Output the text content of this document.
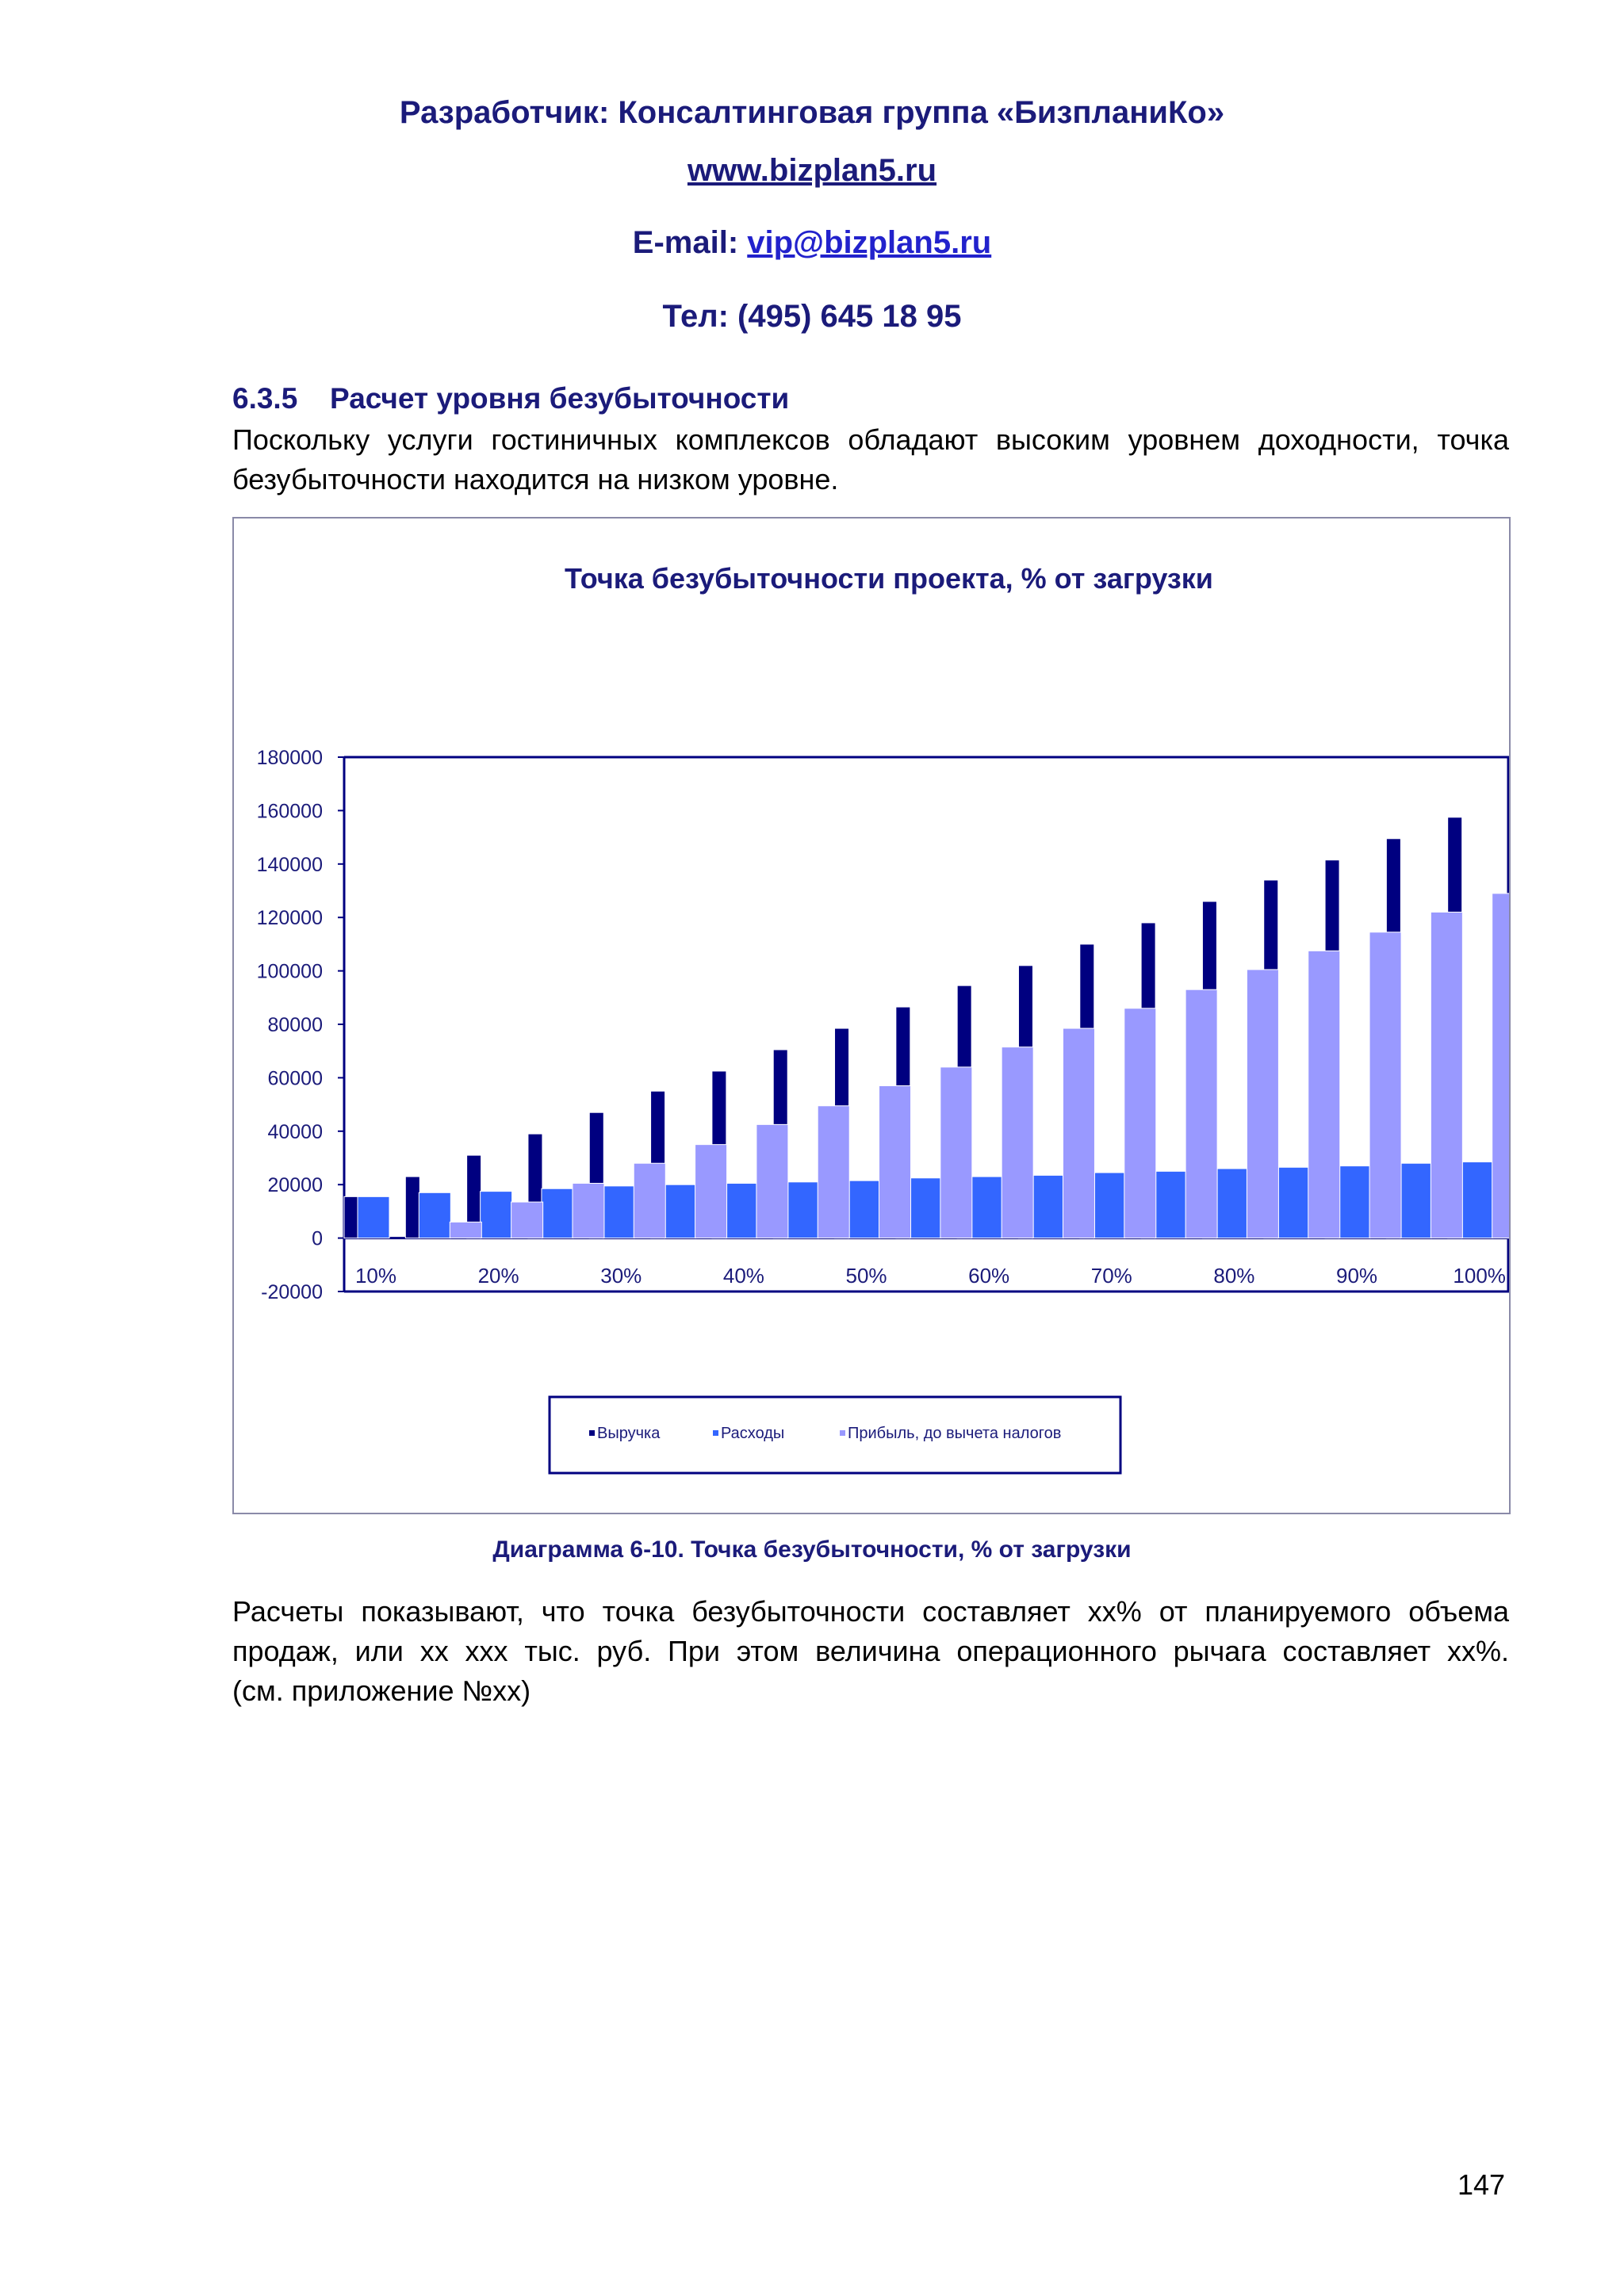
Разработчик: Консалтинговая группа «БизпланиКо»
www.bizplan5.ru
E-mail: vip@bizplan5.ru
Тел: (495) 645 18 95
6.3.5 Расчет уровня безубыточности
Поскольку услуги гостиничных комплексов обладают высоким уровнем доходности, точка
безубыточности находится на низком уровне.
Точка безубыточности проекта, % от загрузки
-20000
0
20000
40000
60000
80000
100000
120000
140000
160000
180000
10%	20%	30%	40%	50%	60%	70%	80%	90%	100%
Выручка	Расходы	Прибыль, до вычета налогов
Диаграмма 6-10. Точка безубыточности, % от загрузки
Расчеты показывают, что точка безубыточности составляет хх% от планируемого объема
продаж, или хх ххх тыс. руб. При этом величина операционного рычага составляет хх%.
(см. приложение №хх)
147
